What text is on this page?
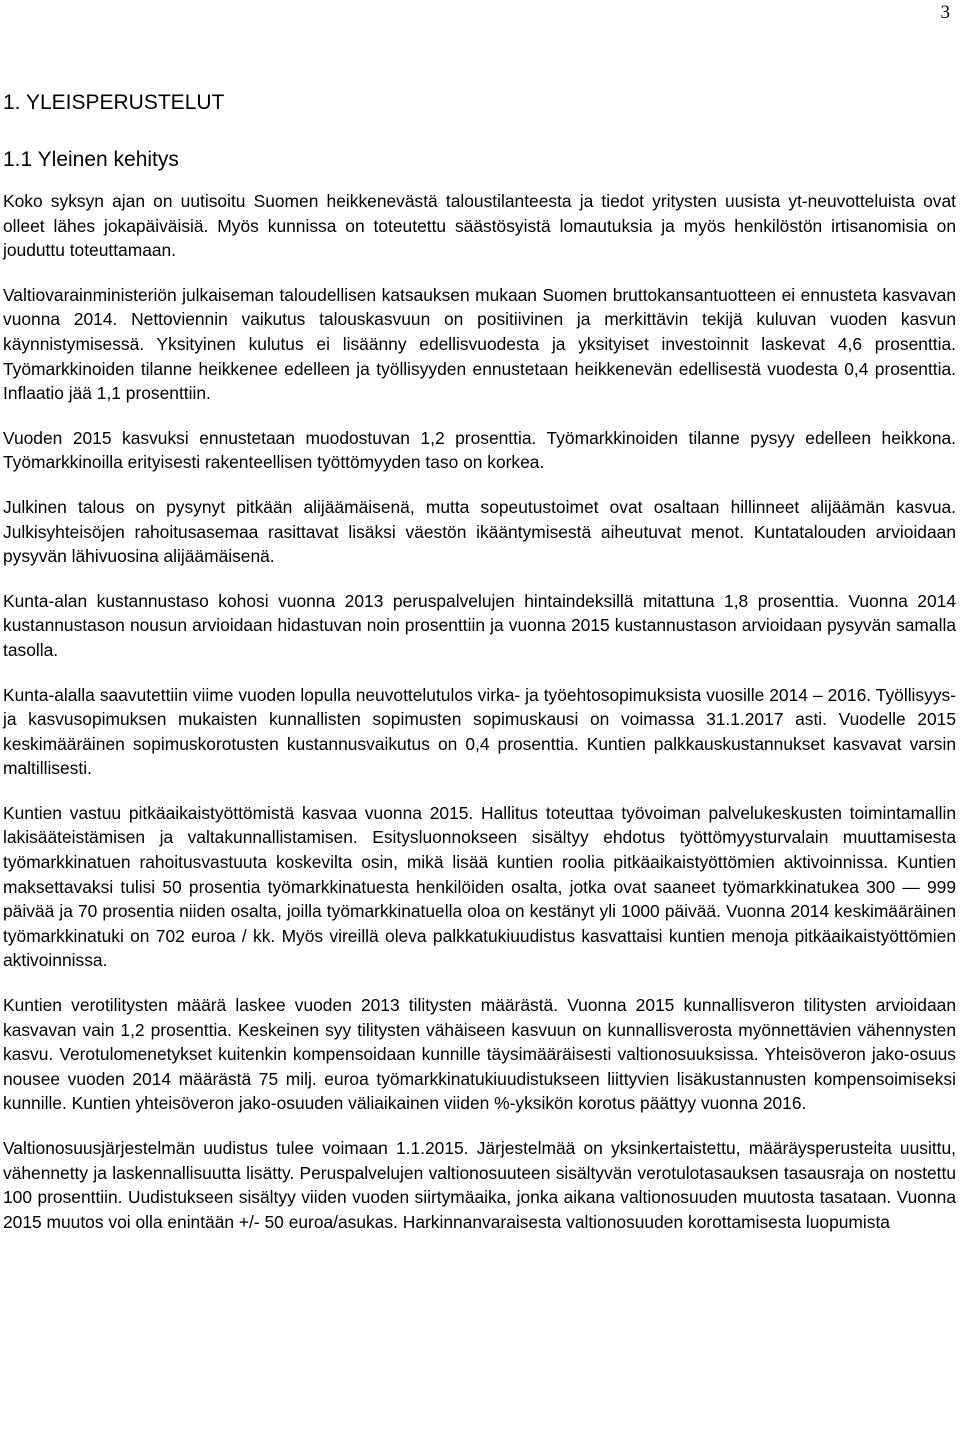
3
1. YLEISPERUSTELUT
1.1 Yleinen kehitys

Koko syksyn ajan on uutisoitu Suomen heikkenevästä taloustilanteesta ja tiedot yritysten uusista yt-neuvotteluista ovat olleet lähes jokapäiväisiä. Myös kunnissa on toteutettu säästösyistä lomautuksia ja myös henkilöstön irtisanomisia on jouduttu toteuttamaan.

Valtiovarainministeriön julkaiseman taloudellisen katsauksen mukaan Suomen bruttokansantuotteen ei ennusteta kasvavan vuonna 2014. Nettoviennin vaikutus talouskasvuun on positiivinen ja merkittävin tekijä kuluvan vuoden kasvun käynnistymisessä. Yksityinen kulutus ei lisäänny edellisvuodesta ja yksityiset investoinnit laskevat 4,6 prosenttia. Työmarkkinoiden tilanne heikkenee edelleen ja työllisyyden ennustetaan heikkenevän edellisestä vuodesta 0,4 prosenttia. Inflaatio jää 1,1 prosenttiin.

Vuoden 2015 kasvuksi ennustetaan muodostuvan 1,2 prosenttia. Työmarkkinoiden tilanne pysyy edelleen heikkona. Työmarkkinoilla erityisesti rakenteellisen työttömyyden taso on korkea.

Julkinen talous on pysynyt pitkään alijäämäisenä, mutta sopeutustoimet ovat osaltaan hillinneet alijäämän kasvua. Julkisyhteisöjen rahoitusasemaa rasittavat lisäksi väestön ikääntymisestä aiheutuvat menot. Kuntatalouden arvioidaan pysyvän lähivuosina alijäämäisenä.

Kunta-alan kustannustaso kohosi vuonna 2013 peruspalvelujen hintaindeksillä mitattuna 1,8 prosenttia. Vuonna 2014 kustannustason nousun arvioidaan hidastuvan noin prosenttiin ja vuonna 2015 kustannustason arvioidaan pysyvän samalla tasolla.

Kunta-alalla saavutettiin viime vuoden lopulla neuvottelutulos virka- ja työehtosopimuksista vuosille 2014 – 2016. Työllisyys- ja kasvusopimuksen mukaisten kunnallisten sopimusten sopimuskausi on voimassa 31.1.2017 asti. Vuodelle 2015 keskimääräinen sopimuskorotusten kustannusvaikutus on 0,4 prosenttia. Kuntien palkkauskustannukset kasvavat varsin maltillisesti.

Kuntien vastuu pitkäaikaistyöttömistä kasvaa vuonna 2015. Hallitus toteuttaa työvoiman palvelukeskusten toimintamallin lakisääteistämisen ja valtakunnallistamisen. Esitysluonnokseen sisältyy ehdotus työttömyysturvalain muuttamisesta työmarkkinatuen rahoitusvastuuta koskevilta osin, mikä lisää kuntien roolia pitkäaikaistyöttömien aktivoinnissa. Kuntien maksettavaksi tulisi 50 prosentia työmarkkinatuesta henkilöiden osalta, jotka ovat saaneet työmarkkinatukea 300 — 999 päivää ja 70 prosentia niiden osalta, joilla työmarkkinatuella oloa on kestänyt yli 1000 päivää. Vuonna 2014 keskimääräinen työmarkkinatuki on 702 euroa / kk. Myös vireillä oleva palkkatukiuudistus kasvattaisi kuntien menoja pitkäaikaistyöttömien aktivoinnissa.

Kuntien verotilitysten määrä laskee vuoden 2013 tilitysten määrästä. Vuonna 2015 kunnallisveron tilitysten arvioidaan kasvavan vain 1,2 prosenttia. Keskeinen syy tilitysten vähäiseen kasvuun on kunnallisverosta myönnettävien vähennysten kasvu. Verotulomenetykset kuitenkin kompensoidaan kunnille täysimääräisesti valtionosuuksissa. Yhteisöveron jako-osuus nousee vuoden 2014 määrästä 75 milj. euroa työmarkkinatukiuudistukseen liittyvien lisäkustannusten kompensoimiseksi kunnille. Kuntien yhteisöveron jako-osuuden väliaikainen viiden %-yksikön korotus päättyy vuonna 2016.

Valtionosuusjärjestelmän uudistus tulee voimaan 1.1.2015. Järjestelmää on yksinkertaistettu, määräysperusteita uusittu, vähennetty ja laskennallisuutta lisätty. Peruspalvelujen valtionosuuteen sisältyvän verotulotasauksen tasausraja on nostettu 100 prosenttiin. Uudistukseen sisältyy viiden vuoden siirtymäaika, jonka aikana valtionosuuden muutosta tasataan. Vuonna 2015 muutos voi olla enintään +/- 50 euroa/asukas. Harkinnanvaraisesta valtionosuuden korottamisesta luopumista
